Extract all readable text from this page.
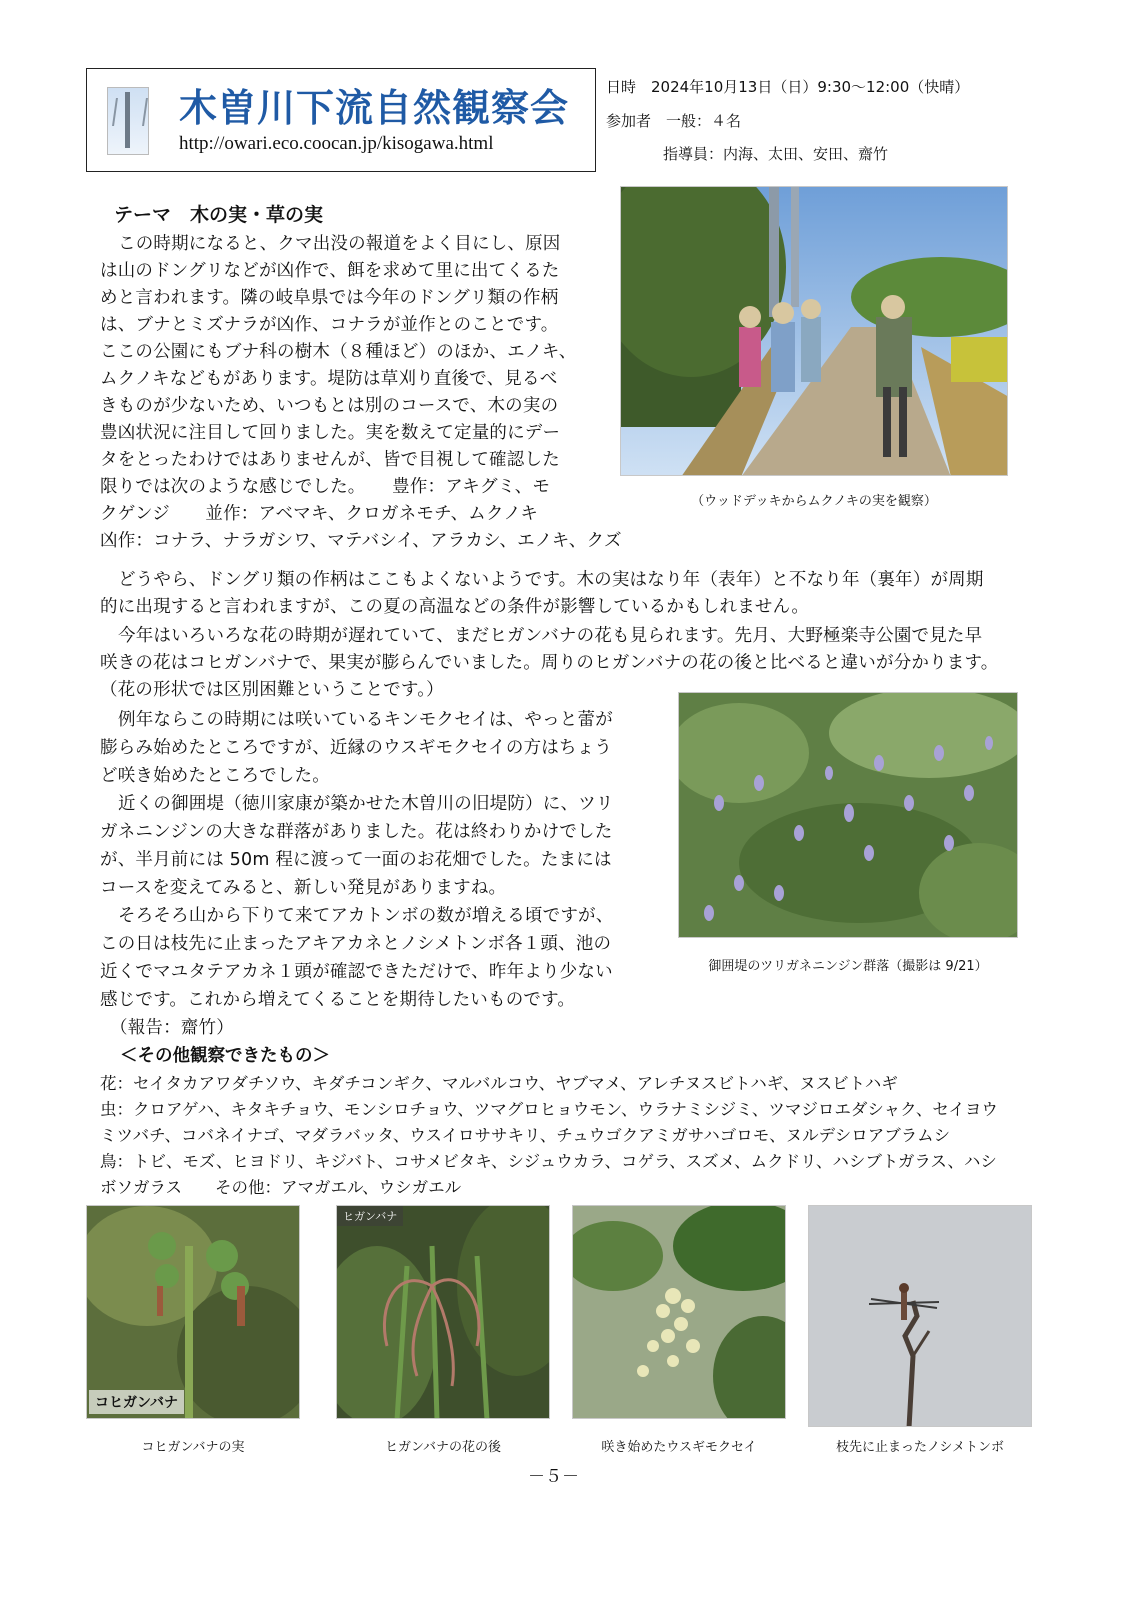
木曽川下流自然観察会
http://owari.eco.coocan.jp/kisogawa.html
日時　2024年10月13日（日）9:30〜12:00（快晴）
参加者　一般：４名
指導員：内海、太田、安田、齋竹
テーマ　木の実・草の実
この時期になると、クマ出没の報道をよく目にし、原因
は山のドングリなどが凶作で、餌を求めて里に出てくるた
めと言われます。隣の岐阜県では今年のドングリ類の作柄
は、ブナとミズナラが凶作、コナラが並作とのことです。
ここの公園にもブナ科の樹木（８種ほど）のほか、エノキ、
ムクノキなどもがあります。堤防は草刈り直後で、見るべ
きものが少ないため、いつもとは別のコースで、木の実の
豊凶状況に注目して回りました。実を数えて定量的にデー
タをとったわけではありませんが、皆で目視して確認した
限りでは次のような感じでした。　　豊作：アキグミ、モ
クゲンジ　　並作：アベマキ、クロガネモチ、ムクノキ
凶作：コナラ、ナラガシワ、マテバシイ、アラカシ、エノキ、クズ
（ウッドデッキからムクノキの実を観察）
どうやら、ドングリ類の作柄はここもよくないようです。木の実はなり年（表年）と不なり年（裏年）が周期
的に出現すると言われますが、この夏の高温などの条件が影響しているかもしれません。
今年はいろいろな花の時期が遅れていて、まだヒガンバナの花も見られます。先月、大野極楽寺公園で見た早
咲きの花はコヒガンバナで、果実が膨らんでいました。周りのヒガンバナの花の後と比べると違いが分かります。
（花の形状では区別困難ということです。）
例年ならこの時期には咲いているキンモクセイは、やっと蕾が
膨らみ始めたところですが、近縁のウスギモクセイの方はちょう
ど咲き始めたところでした。
近くの御囲堤（徳川家康が築かせた木曽川の旧堤防）に、ツリ
ガネニンジンの大きな群落がありました。花は終わりかけでした
が、半月前には 50m 程に渡って一面のお花畑でした。たまには
コースを変えてみると、新しい発見がありますね。
そろそろ山から下りて来てアカトンボの数が増える頃ですが、
この日は枝先に止まったアキアカネとノシメトンボ各１頭、池の
近くでマユタテアカネ１頭が確認できただけで、昨年より少ない
感じです。これから増えてくることを期待したいものです。
（報告：齋竹）
御囲堤のツリガネニンジン群落（撮影は 9/21）
＜その他観察できたもの＞
花：セイタカアワダチソウ、キダチコンギク、マルバルコウ、ヤブマメ、アレチヌスビトハギ、ヌスビトハギ
虫：クロアゲハ、キタキチョウ、モンシロチョウ、ツマグロヒョウモン、ウラナミシジミ、ツマジロエダシャク、セイヨウ
ミツバチ、コバネイナゴ、マダラバッタ、ウスイロササキリ、チュウゴクアミガサハゴロモ、ヌルデシロアブラムシ
鳥：トビ、モズ、ヒヨドリ、キジバト、コサメビタキ、シジュウカラ、コゲラ、スズメ、ムクドリ、ハシブトガラス、ハシ
ボソガラス　　その他：アマガエル、ウシガエル
コヒガンバナ
コヒガンバナの実
ヒガンバナ
ヒガンバナの花の後	咲き始めたウスギモクセイ	枝先に止まったノシメトンボ
－５－
